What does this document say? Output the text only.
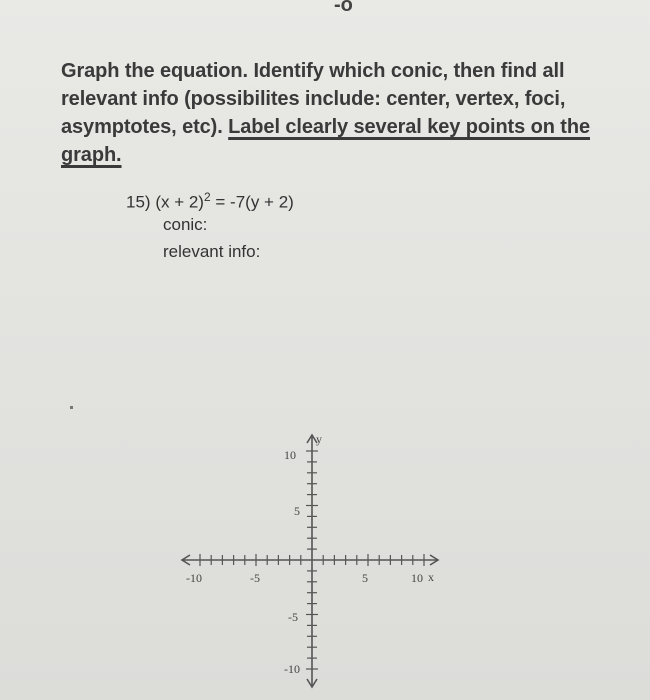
-o
Graph the equation. Identify which conic, then find all relevant info (possibilites include: center, vertex, foci, asymptotes, etc). Label clearly several key points on the graph.
15) $(x + 2)^2 = -7(y + 2)$
conic:
relevant info:
y
x
-10	-5	5	10
10
5
-5
-10
